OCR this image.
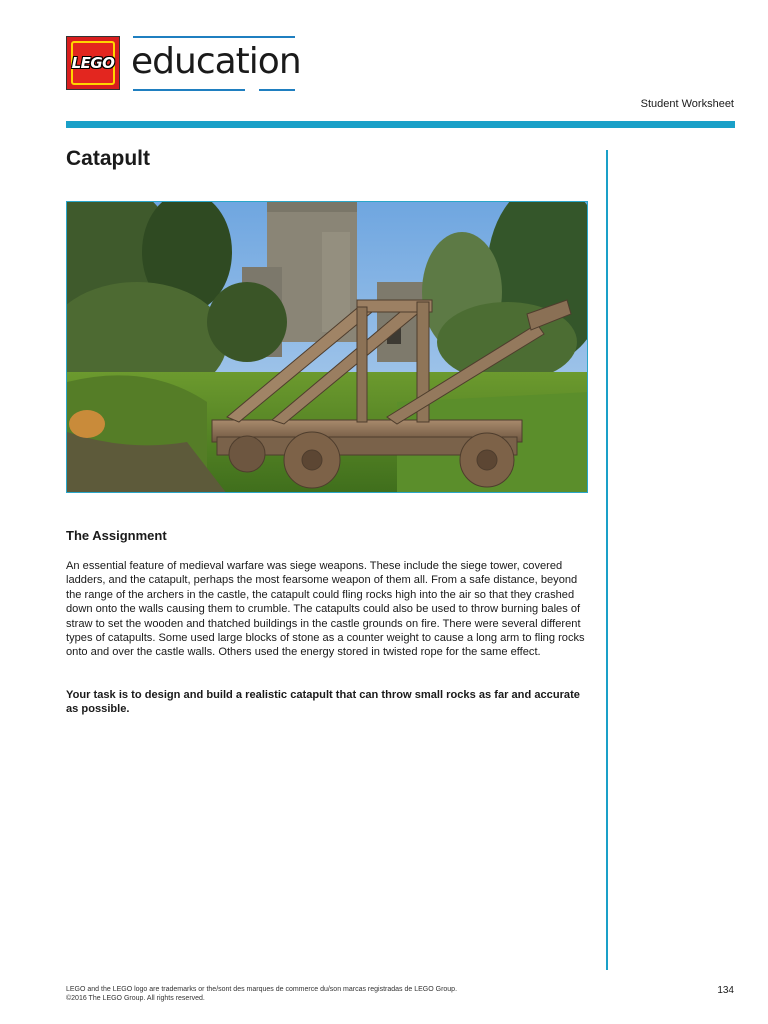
LEGO education
Student Worksheet
Catapult
The Assignment

An essential feature of medieval warfare was siege weapons. These include the siege tower, covered ladders, and the catapult, perhaps the most fearsome weapon of them all. From a safe distance, beyond the range of the archers in the castle, the catapult could fling rocks high into the air so that they crashed down onto the walls causing them to crumble. The catapults could also be used to throw burning bales of straw to set the wooden and thatched buildings in the castle grounds on fire. There were several different types of catapults. Some used large blocks of stone as a counter weight to cause a long arm to fling rocks onto and over the castle walls. Others used the energy stored in twisted rope for the same effect.

Your task is to design and build a realistic catapult that can throw small rocks as far and accurate as possible.

LEGO and the LEGO logo are trademarks or the/sont des marques de commerce du/son marcas registradas de LEGO Group.
©2016 The LEGO Group. All rights reserved.
134
